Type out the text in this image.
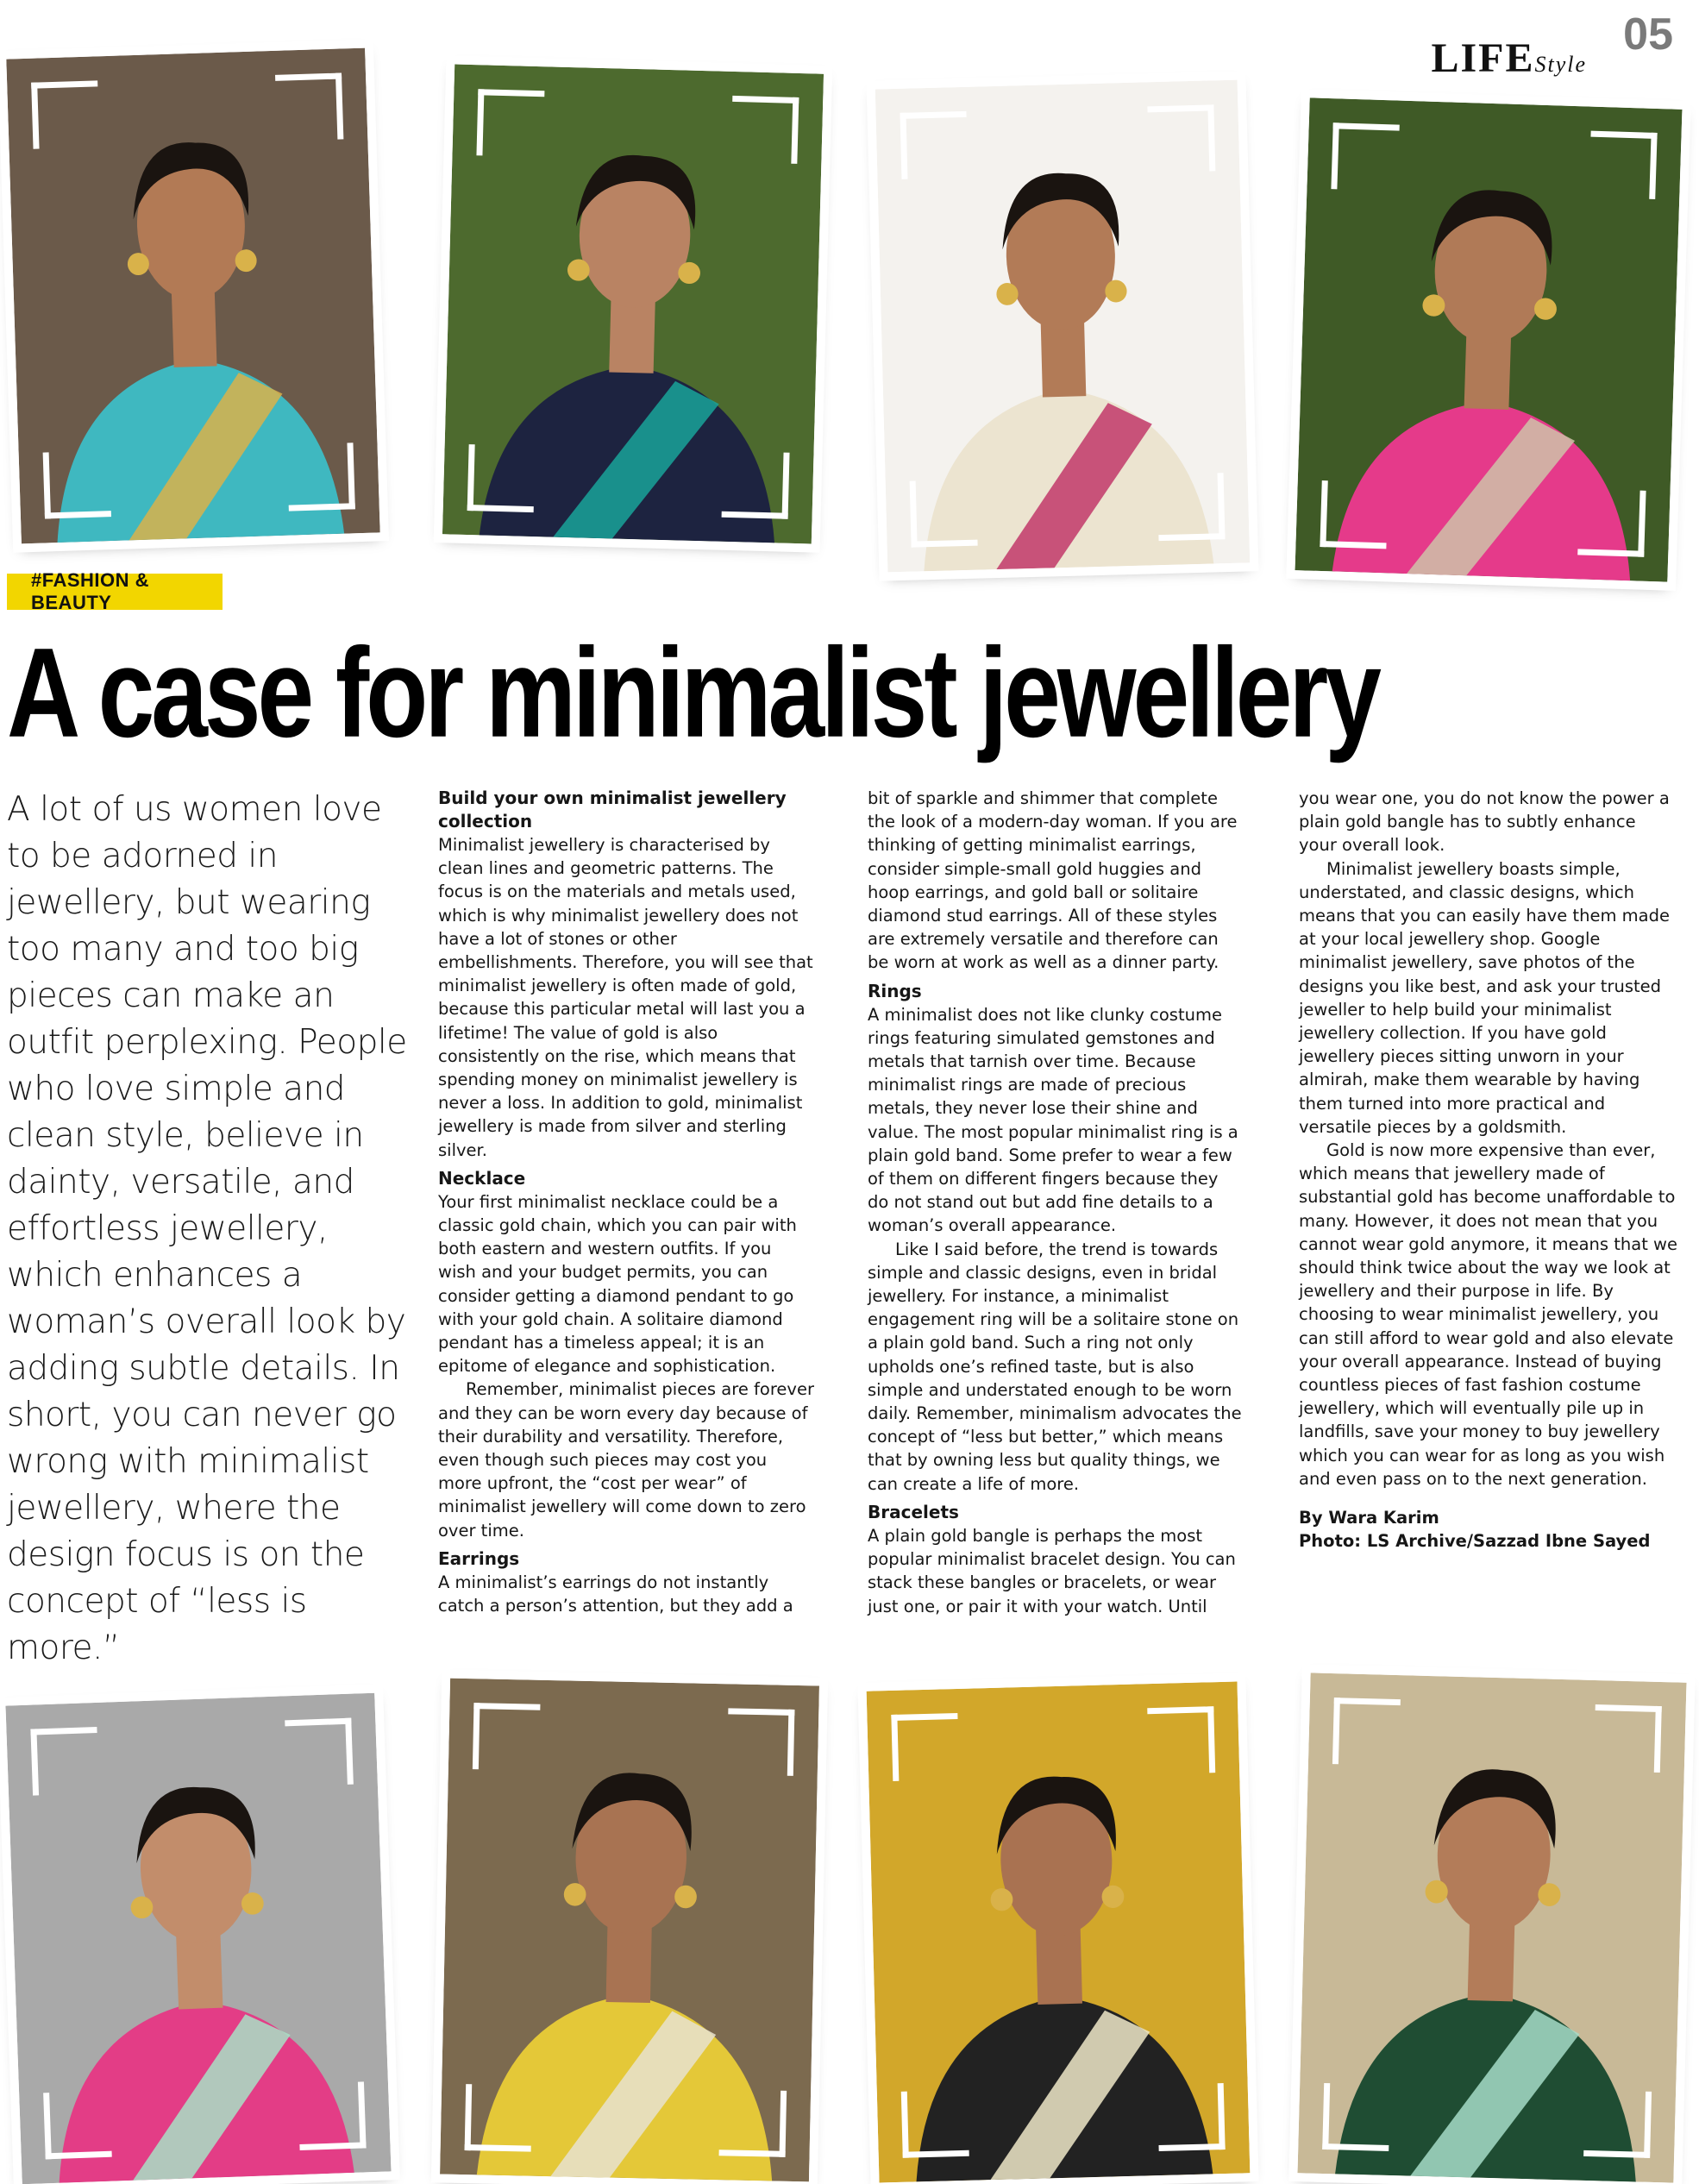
LIFEStyle
05
#FASHION & BEAUTY
A case for minimalist jewellery
A lot of us women love to be adorned in jewellery, but wearing too many and too big pieces can make an outfit perplexing. People who love simple and clean style, believe in dainty, versatile, and effortless jewellery, which enhances a woman’s overall look by adding subtle details. In short, you can never go wrong with minimalist jewellery, where the design focus is on the concept of “less is more.”
Build your own minimalist jewellery collection

Minimalist jewellery is characterised by clean lines and geometric patterns. The focus is on the materials and metals used, which is why minimalist jewellery does not have a lot of stones or other embellishments. Therefore, you will see that minimalist jewellery is often made of gold, because this particular metal will last you a lifetime! The value of gold is also consistently on the rise, which means that spending money on minimalist jewellery is never a loss. In addition to gold, minimalist jewellery is made from silver and sterling silver.

Necklace

Your first minimalist necklace could be a classic gold chain, which you can pair with both eastern and western outfits. If you wish and your budget permits, you can consider getting a diamond pendant to go with your gold chain. A solitaire diamond pendant has a timeless appeal; it is an epitome of elegance and sophistication.

Remember, minimalist pieces are forever and they can be worn every day because of their durability and versatility. Therefore, even though such pieces may cost you more upfront, the “cost per wear” of minimalist jewellery will come down to zero over time.

Earrings

A minimalist’s earrings do not instantly catch a person’s attention, but they add a

bit of sparkle and shimmer that complete the look of a modern-day woman. If you are thinking of getting minimalist earrings, consider simple-small gold huggies and hoop earrings, and gold ball or solitaire diamond stud earrings. All of these styles are extremely versatile and therefore can be worn at work as well as a dinner party.

Rings

A minimalist does not like clunky costume rings featuring simulated gemstones and metals that tarnish over time. Because minimalist rings are made of precious metals, they never lose their shine and value. The most popular minimalist ring is a plain gold band. Some prefer to wear a few of them on different fingers because they do not stand out but add fine details to a woman’s overall appearance.

Like I said before, the trend is towards simple and classic designs, even in bridal jewellery. For instance, a minimalist engagement ring will be a solitaire stone on a plain gold band. Such a ring not only upholds one’s refined taste, but is also simple and understated enough to be worn daily. Remember, minimalism advocates the concept of “less but better,” which means that by owning less but quality things, we can create a life of more.

Bracelets

A plain gold bangle is perhaps the most popular minimalist bracelet design. You can stack these bangles or bracelets, or wear just one, or pair it with your watch. Until

you wear one, you do not know the power a plain gold bangle has to subtly enhance your overall look.

Minimalist jewellery boasts simple, understated, and classic designs, which means that you can easily have them made at your local jewellery shop. Google minimalist jewellery, save photos of the designs you like best, and ask your trusted jeweller to help build your minimalist jewellery collection. If you have gold jewellery pieces sitting unworn in your almirah, make them wearable by having them turned into more practical and versatile pieces by a goldsmith.

Gold is now more expensive than ever, which means that jewellery made of substantial gold has become unaffordable to many. However, it does not mean that you cannot wear gold anymore, it means that we should think twice about the way we look at jewellery and their purpose in life. By choosing to wear minimalist jewellery, you can still afford to wear gold and also elevate your overall appearance. Instead of buying countless pieces of fast fashion costume jewellery, which will eventually pile up in landfills, save your money to buy jewellery which you can wear for as long as you wish and even pass on to the next generation.

By Wara Karim

Photo: LS Archive/Sazzad Ibne Sayed
